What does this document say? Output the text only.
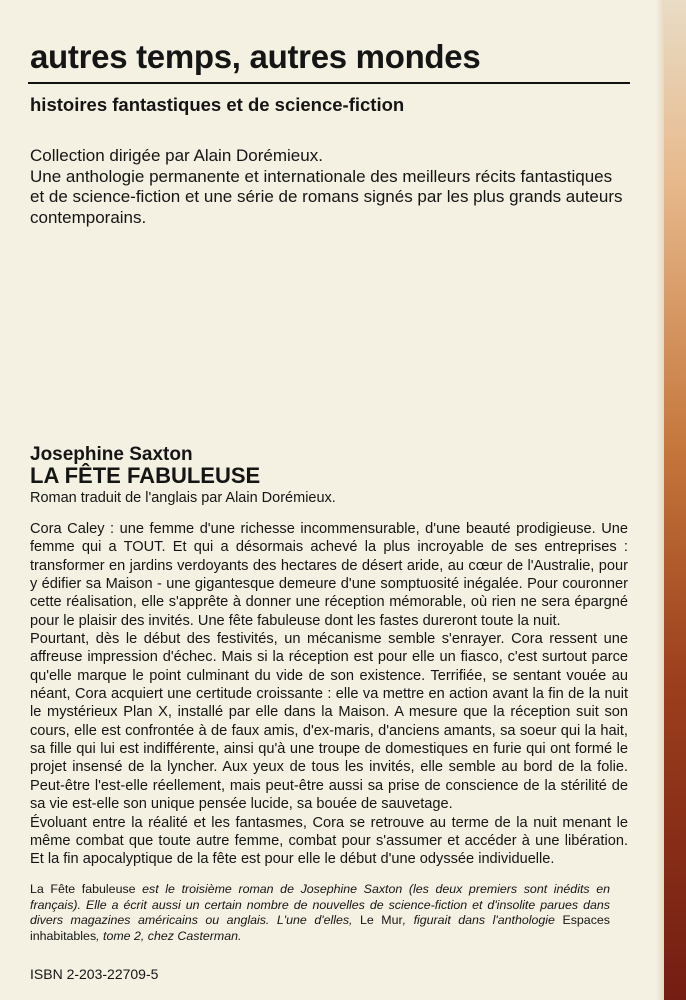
autres temps, autres mondes
histoires fantastiques et de science-fiction
Collection dirigée par Alain Dorémieux.
Une anthologie permanente et internationale des meilleurs récits fantastiques et de science-fiction et une série de romans signés par les plus grands auteurs contemporains.
Josephine Saxton
LA FÊTE FABULEUSE
Roman traduit de l'anglais par Alain Dorémieux.

Cora Caley : une femme d'une richesse incommensurable, d'une beauté prodigieuse. Une femme qui a TOUT. Et qui a désormais achevé la plus incroyable de ses entreprises : transformer en jardins verdoyants des hectares de désert aride, au cœur de l'Australie, pour y édifier sa Maison - une gigantesque demeure d'une somptuosité inégalée. Pour couronner cette réalisation, elle s'apprête à donner une réception mémorable, où rien ne sera épargné pour le plaisir des invités. Une fête fabuleuse dont les fastes dureront toute la nuit.

Pourtant, dès le début des festivités, un mécanisme semble s'enrayer. Cora ressent une affreuse impression d'échec. Mais si la réception est pour elle un fiasco, c'est surtout parce qu'elle marque le point culminant du vide de son existence. Terrifiée, se sentant vouée au néant, Cora acquiert une certitude croissante : elle va mettre en action avant la fin de la nuit le mystérieux Plan X, installé par elle dans la Maison. A mesure que la réception suit son cours, elle est confrontée à de faux amis, d'ex-maris, d'anciens amants, sa soeur qui la hait, sa fille qui lui est indifférente, ainsi qu'à une troupe de domestiques en furie qui ont formé le projet insensé de la lyncher. Aux yeux de tous les invités, elle semble au bord de la folie. Peut-être l'est-elle réellement, mais peut-être aussi sa prise de conscience de la stérilité de sa vie est-elle son unique pensée lucide, sa bouée de sauvetage.

Évoluant entre la réalité et les fantasmes, Cora se retrouve au terme de la nuit menant le même combat que toute autre femme, combat pour s'assumer et accéder à une libération. Et la fin apocalyptique de la fête est pour elle le début d'une odyssée individuelle.

La Fête fabuleuse est le troisième roman de Josephine Saxton (les deux premiers sont inédits en français). Elle a écrit aussi un certain nombre de nouvelles de science-fiction et d'insolite parues dans divers magazines américains ou anglais. L'une d'elles, Le Mur, figurait dans l'anthologie Espaces inhabitables, tome 2, chez Casterman.

ISBN 2-203-22709-5
